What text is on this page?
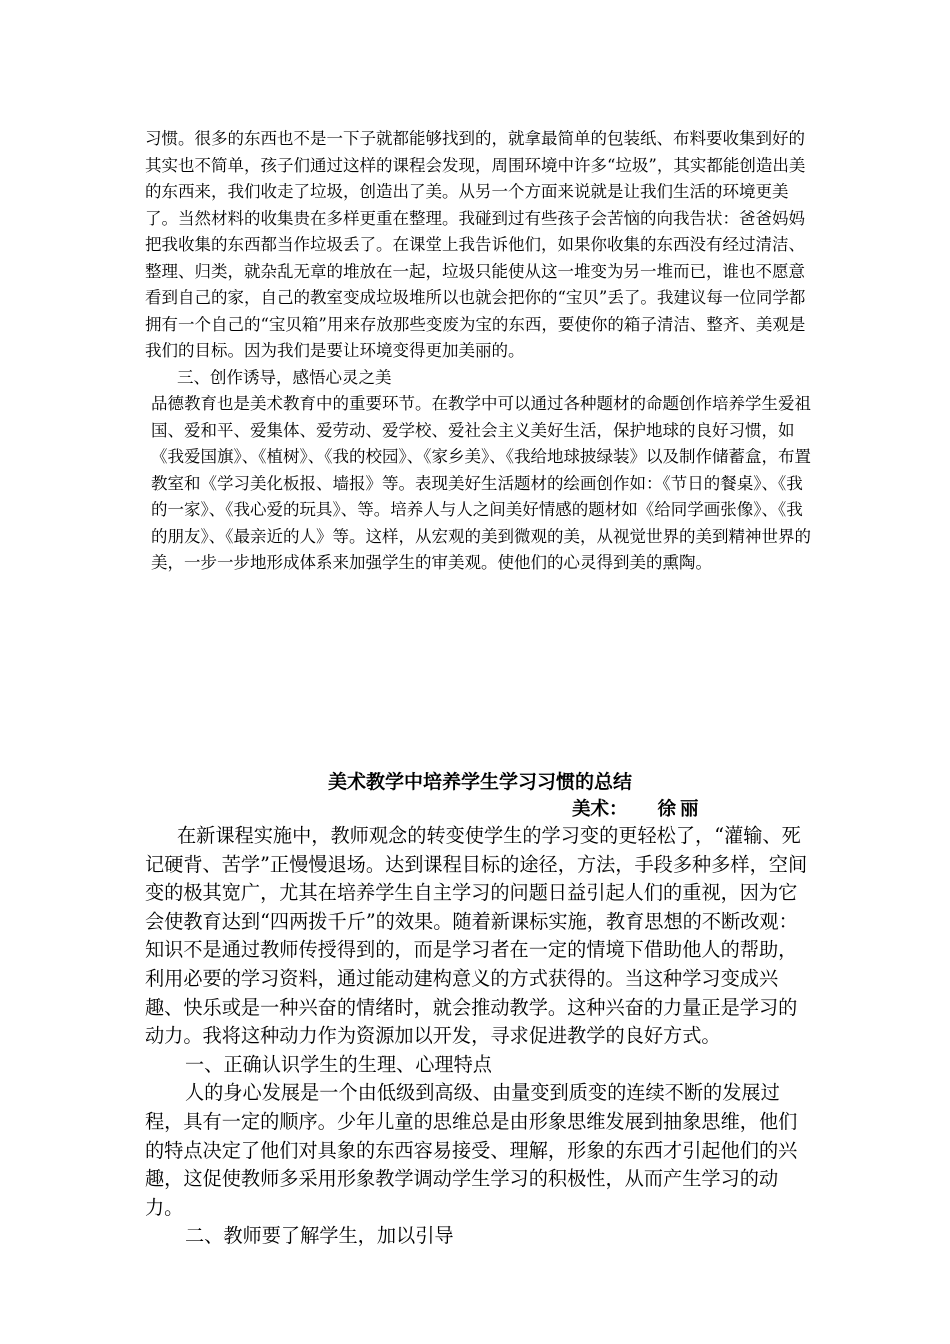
习惯。很多的东西也不是一下子就都能够找到的，就拿最简单的包装纸、布料要收集到好的其实也不简单，孩子们通过这样的课程会发现，周围环境中许多“垃圾”，其实都能创造出美的东西来，我们收走了垃圾，创造出了美。从另一个方面来说就是让我们生活的环境更美了。当然材料的收集贵在多样更重在整理。我碰到过有些孩子会苦恼的向我告状：爸爸妈妈把我收集的东西都当作垃圾丢了。在课堂上我告诉他们，如果你收集的东西没有经过清洁、整理、归类，就杂乱无章的堆放在一起，垃圾只能使从这一堆变为另一堆而已，谁也不愿意看到自己的家，自己的教室变成垃圾堆所以也就会把你的“宝贝”丢了。我建议每一位同学都拥有一个自己的“宝贝箱”用来存放那些变废为宝的东西，要使你的箱子清洁、整齐、美观是我们的目标。因为我们是要让环境变得更加美丽的。

三、创作诱导，感悟心灵之美

品德教育也是美术教育中的重要环节。在教学中可以通过各种题材的命题创作培养学生爱祖国、爱和平、爱集体、爱劳动、爱学校、爱社会主义美好生活，保护地球的良好习惯，如《我爱国旗》、《植树》、《我的校园》、《家乡美》、《我给地球披绿装》以及制作储蓄盒，布置教室和《学习美化板报、墙报》等。表现美好生活题材的绘画创作如：《节日的餐桌》、《我的一家》、《我心爱的玩具》、等。培养人与人之间美好情感的题材如《给同学画张像》、《我的朋友》、《最亲近的人》等。这样，从宏观的美到微观的美，从视觉世界的美到精神世界的美，一步一步地形成体系来加强学生的审美观。使他们的心灵得到美的熏陶。

美术教学中培养学生学习习惯的总结
美术： 徐丽

在新课程实施中，教师观念的转变使学生的学习变的更轻松了，“灌输、死记硬背、苦学”正慢慢退场。达到课程目标的途径，方法，手段多种多样，空间变的极其宽广，尤其在培养学生自主学习的问题日益引起人们的重视，因为它会使教育达到“四两拨千斤”的效果。随着新课标实施，教育思想的不断改观：知识不是通过教师传授得到的，而是学习者在一定的情境下借助他人的帮助，利用必要的学习资料，通过能动建构意义的方式获得的。当这种学习变成兴趣、快乐或是一种兴奋的情绪时，就会推动教学。这种兴奋的力量正是学习的动力。我将这种动力作为资源加以开发，寻求促进教学的良好方式。

一、正确认识学生的生理、心理特点

人的身心发展是一个由低级到高级、由量变到质变的连续不断的发展过程，具有一定的顺序。少年儿童的思维总是由形象思维发展到抽象思维，他们的特点决定了他们对具象的东西容易接受、理解，形象的东西才引起他们的兴趣，这促使教师多采用形象教学调动学生学习的积极性，从而产生学习的动力。

二、教师要了解学生，加以引导
